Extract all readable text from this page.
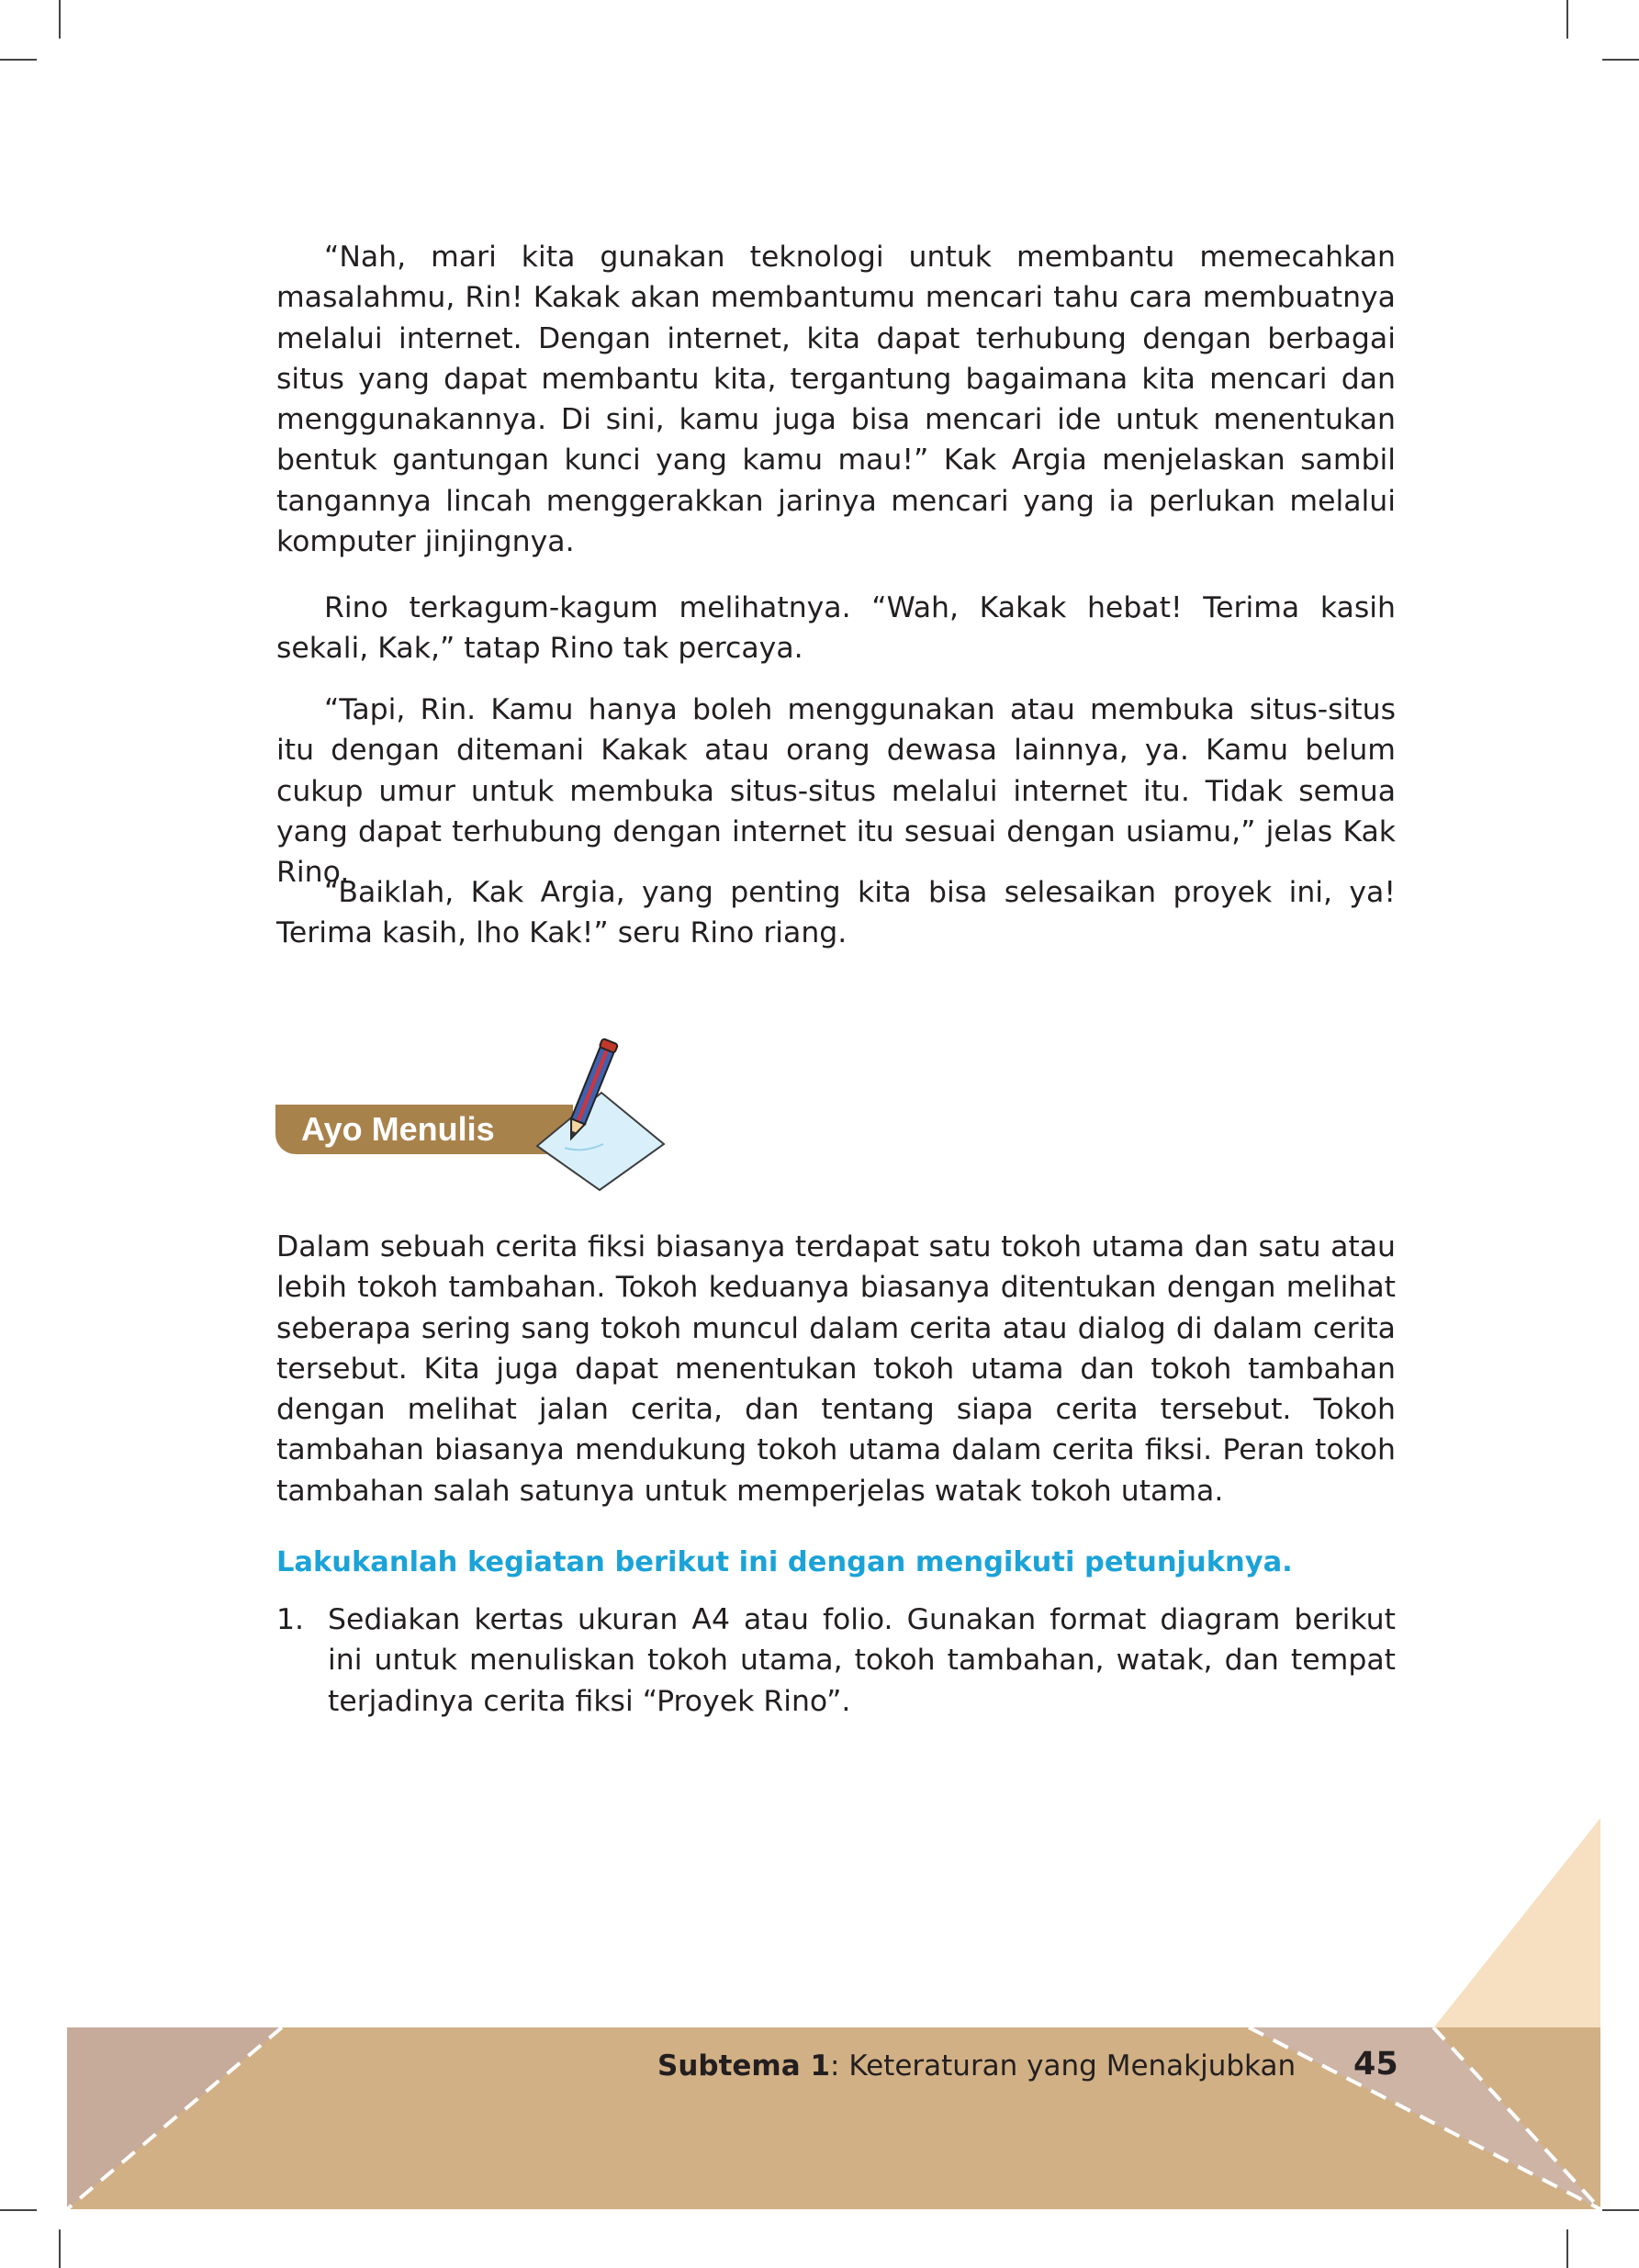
“Nah, mari kita gunakan teknologi untuk membantu memecahkan masalahmu, Rin! Kakak akan membantumu mencari tahu cara membuatnya melalui internet. Dengan internet, kita dapat terhubung dengan berbagai situs yang dapat membantu kita, tergantung bagaimana kita mencari dan menggunakannya. Di sini, kamu juga bisa mencari ide untuk menentukan bentuk gantungan kunci yang kamu mau!” Kak Argia menjelaskan sambil tangannya lincah menggerakkan jarinya mencari yang ia perlukan melalui komputer jinjingnya.

Rino terkagum-kagum melihatnya. “Wah, Kakak hebat! Terima kasih sekali, Kak,” tatap Rino tak percaya.

“Tapi, Rin. Kamu hanya boleh menggunakan atau membuka situs-situs itu dengan ditemani Kakak atau orang dewasa lainnya, ya. Kamu belum cukup umur untuk membuka situs-situs melalui internet itu. Tidak semua yang dapat terhubung dengan internet itu sesuai dengan usiamu,” jelas Kak Rino.

“Baiklah, Kak Argia, yang penting kita bisa selesaikan proyek ini, ya! Terima kasih, lho Kak!” seru Rino riang.

Ayo Menulis

Dalam sebuah cerita fiksi biasanya terdapat satu tokoh utama dan satu atau lebih tokoh tambahan. Tokoh keduanya biasanya ditentukan dengan melihat seberapa sering sang tokoh muncul dalam cerita atau dialog di dalam cerita tersebut. Kita juga dapat menentukan tokoh utama dan tokoh tambahan dengan melihat jalan cerita, dan tentang siapa cerita tersebut. Tokoh tambahan biasanya mendukung tokoh utama dalam cerita fiksi. Peran tokoh tambahan salah satunya untuk memperjelas watak tokoh utama.

Lakukanlah kegiatan berikut ini dengan mengikuti petunjuknya.

1. Sediakan kertas ukuran A4 atau folio. Gunakan format diagram berikut ini untuk menuliskan tokoh utama, tokoh tambahan, watak, dan tempat terjadinya cerita fiksi “Proyek Rino”.
Subtema 1: Keteraturan yang Menakjubkan 45
